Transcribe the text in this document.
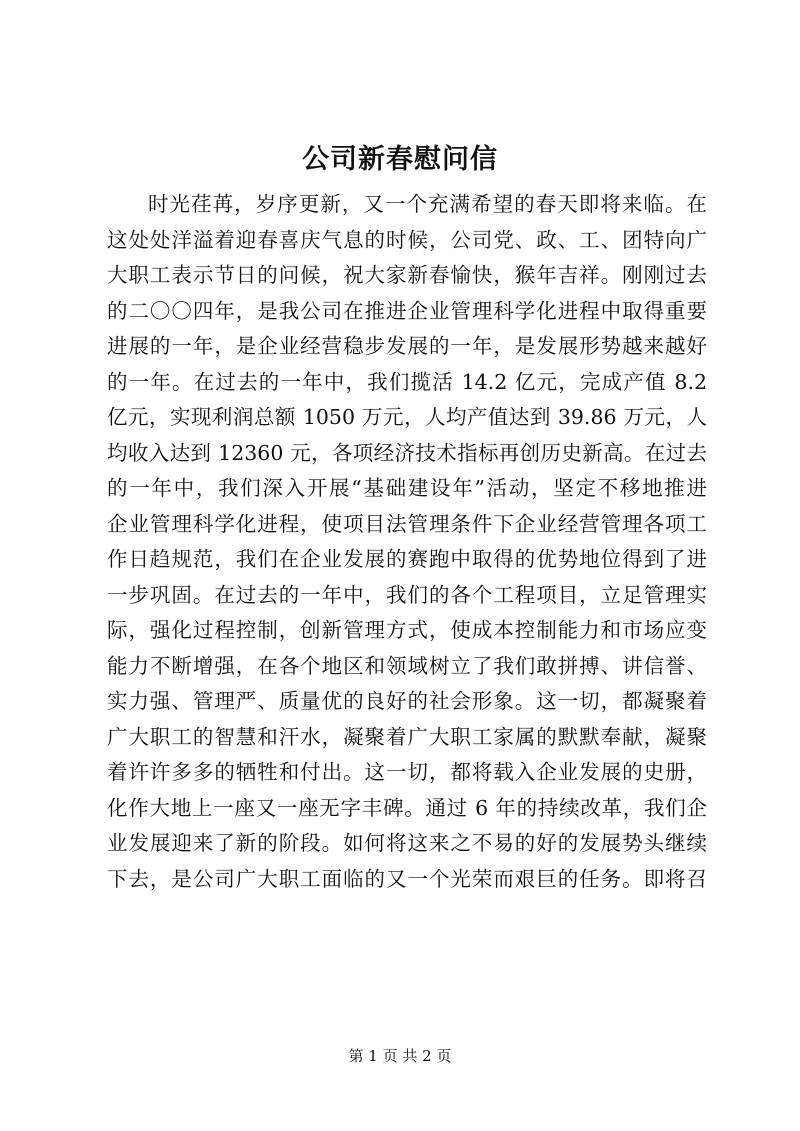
公司新春慰问信
时光荏苒，岁序更新，又一个充满希望的春天即将来临。在
这处处洋溢着迎春喜庆气息的时候，公司党、政、工、团特向广
大职工表示节日的问候，祝大家新春愉快，猴年吉祥。刚刚过去
的二〇〇四年，是我公司在推进企业管理科学化进程中取得重要
进展的一年，是企业经营稳步发展的一年，是发展形势越来越好
的一年。在过去的一年中，我们揽活 14.2 亿元，完成产值 8.2
亿元，实现利润总额 1050 万元，人均产值达到 39.86 万元，人
均收入达到 12360 元，各项经济技术指标再创历史新高。在过去
的一年中，我们深入开展“基础建设年”活动，坚定不移地推进
企业管理科学化进程，使项目法管理条件下企业经营管理各项工
作日趋规范，我们在企业发展的赛跑中取得的优势地位得到了进
一步巩固。在过去的一年中，我们的各个工程项目，立足管理实
际，强化过程控制，创新管理方式，使成本控制能力和市场应变
能力不断增强，在各个地区和领域树立了我们敢拼搏、讲信誉、
实力强、管理严、质量优的良好的社会形象。这一切，都凝聚着
广大职工的智慧和汗水，凝聚着广大职工家属的默默奉献，凝聚
着许许多多的牺牲和付出。这一切，都将载入企业发展的史册，
化作大地上一座又一座无字丰碑。通过 6 年的持续改革，我们企
业发展迎来了新的阶段。如何将这来之不易的好的发展势头继续
下去，是公司广大职工面临的又一个光荣而艰巨的任务。即将召
第 1 页 共 2 页
